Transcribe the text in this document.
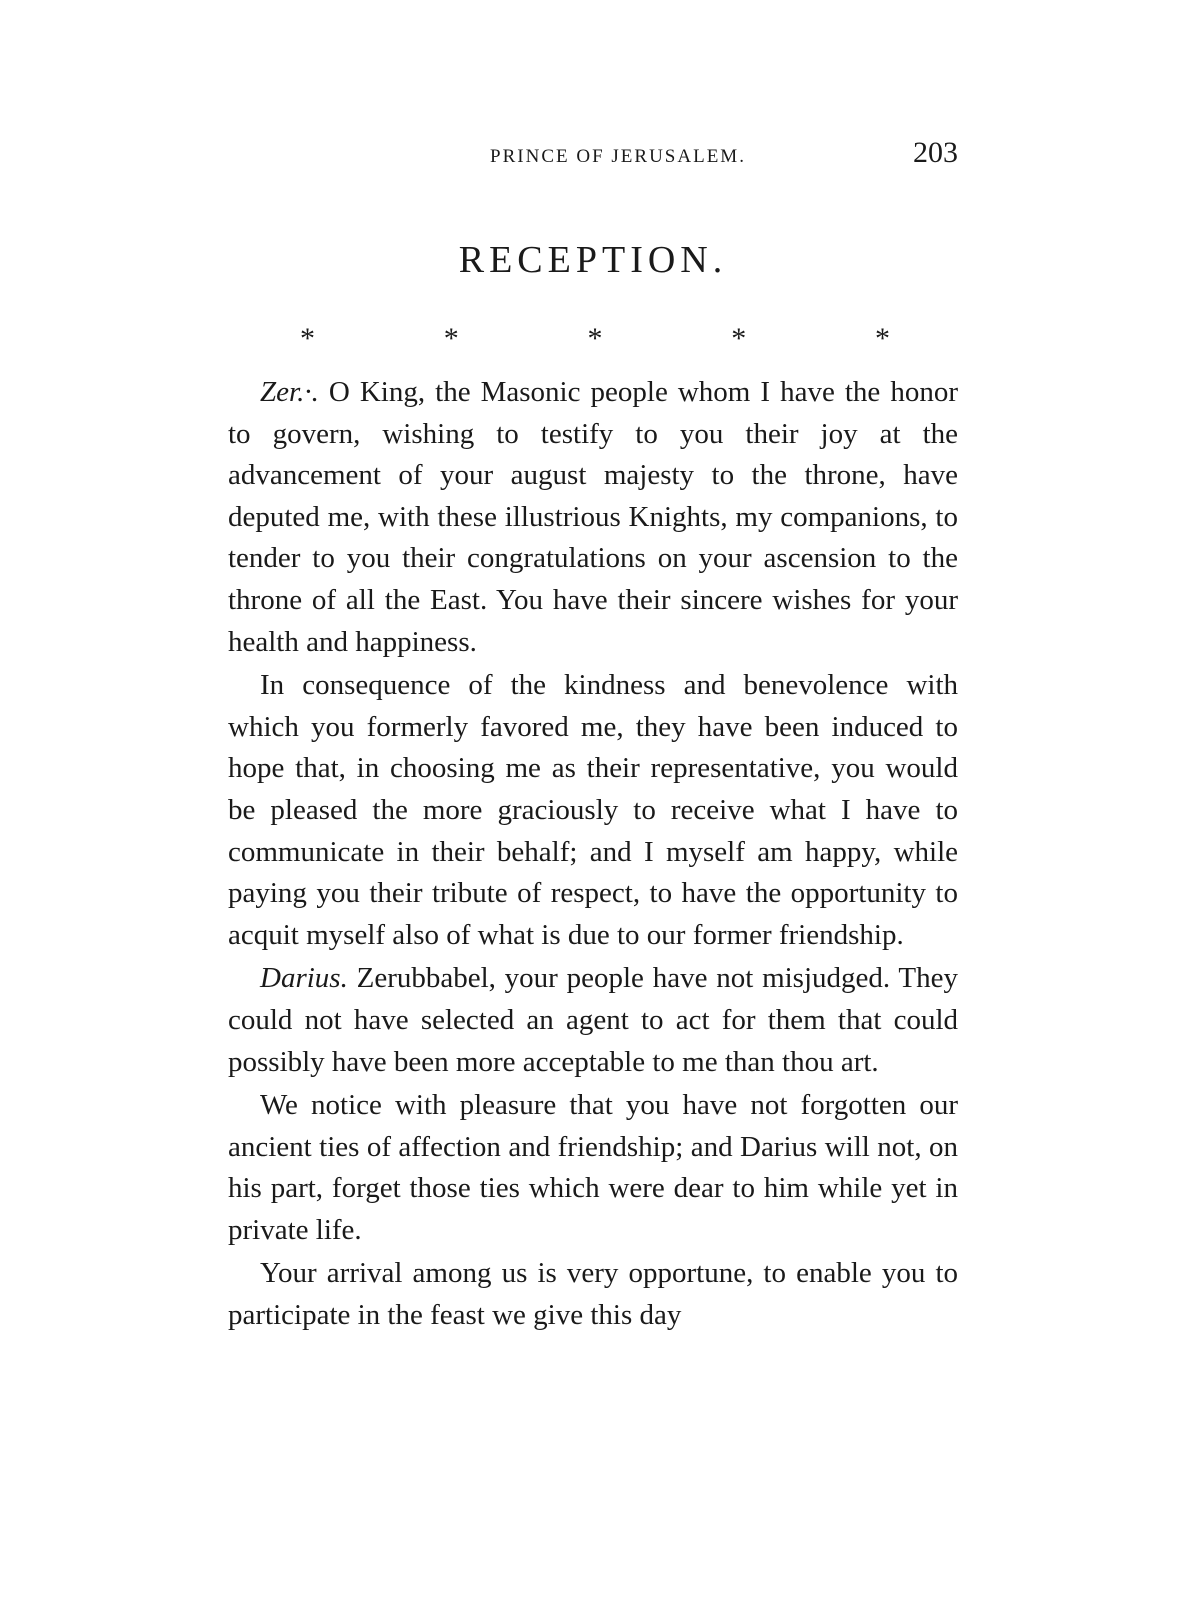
PRINCE OF JERUSALEM.	203
RECEPTION.
*	*	*	*	*

Zer.·. O King, the Masonic people whom I have the honor to govern, wishing to testify to you their joy at the advancement of your august majesty to the throne, have deputed me, with these illustrious Knights, my companions, to tender to you their congratulations on your ascension to the throne of all the East. You have their sincere wishes for your health and happiness.

In consequence of the kindness and benevolence with which you formerly favored me, they have been induced to hope that, in choosing me as their representative, you would be pleased the more graciously to receive what I have to communicate in their behalf; and I myself am happy, while paying you their tribute of respect, to have the opportunity to acquit myself also of what is due to our former friendship.

Darius. Zerubbabel, your people have not misjudged. They could not have selected an agent to act for them that could possibly have been more acceptable to me than thou art.

We notice with pleasure that you have not forgotten our ancient ties of affection and friendship; and Darius will not, on his part, forget those ties which were dear to him while yet in private life.

Your arrival among us is very opportune, to enable you to participate in the feast we give this day
